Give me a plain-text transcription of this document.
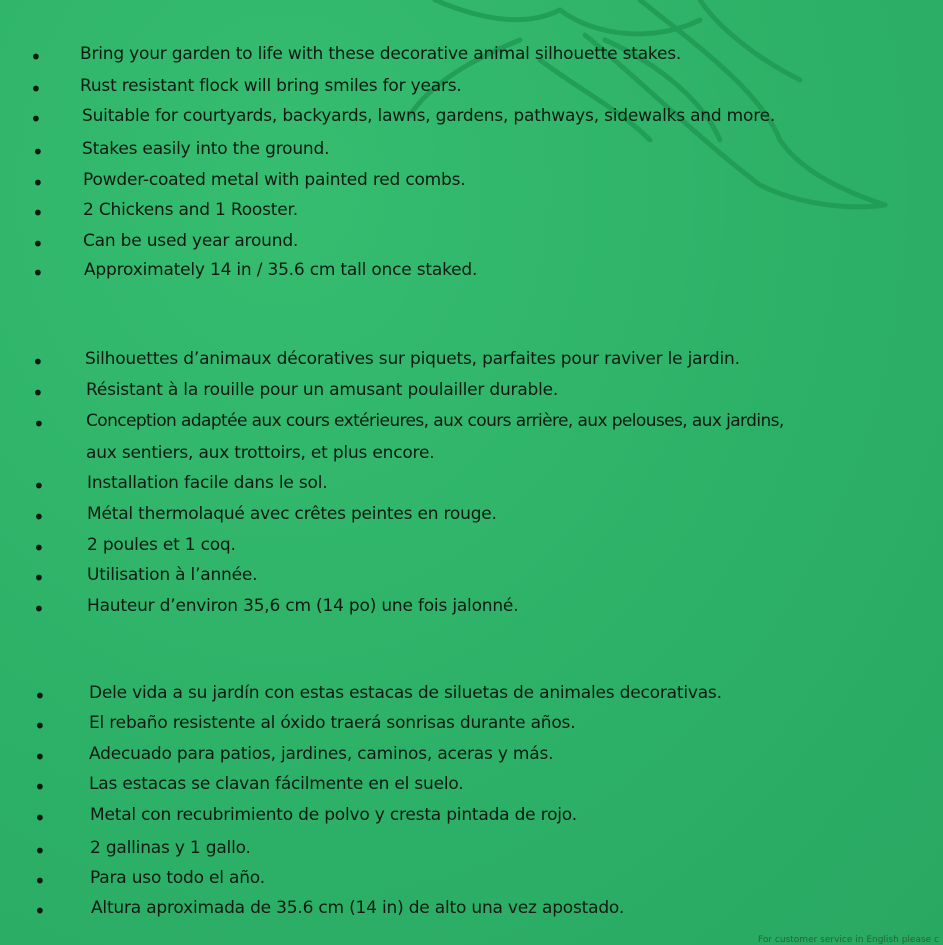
• Bring your garden to life with these decorative animal silhouette stakes.
• Rust resistant flock will bring smiles for years.
• Suitable for courtyards, backyards, lawns, gardens, pathways, sidewalks and more.
• Stakes easily into the ground.
• Powder-coated metal with painted red combs.
• 2 Chickens and 1 Rooster.
• Can be used year around.
• Approximately 14 in / 35.6 cm tall once staked.
• Silhouettes d’animaux décoratives sur piquets, parfaites pour raviver le jardin.
• Résistant à la rouille pour un amusant poulailler durable.
• Conception adaptée aux cours extérieures, aux cours arrière, aux pelouses, aux jardins,
aux sentiers, aux trottoirs, et plus encore.
• Installation facile dans le sol.
• Métal thermolaqué avec crêtes peintes en rouge.
• 2 poules et 1 coq.
• Utilisation à l’année.
• Hauteur d’environ 35,6 cm (14 po) une fois jalonné.
•	Dele vida a su jardín con estas estacas de siluetas de animales decorativas.
•	El rebaño resistente al óxido traerá sonrisas durante años.
•	Adecuado para patios, jardines, caminos, aceras y más.
•	Las estacas se clavan fácilmente en el suelo.
•	Metal con recubrimiento de polvo y cresta pintada de rojo.
•	2 gallinas y 1 gallo.
•	Para uso todo el año.
•	Altura aproximada de 35.6 cm (14 in) de alto una vez apostado.
For customer service in English please c
